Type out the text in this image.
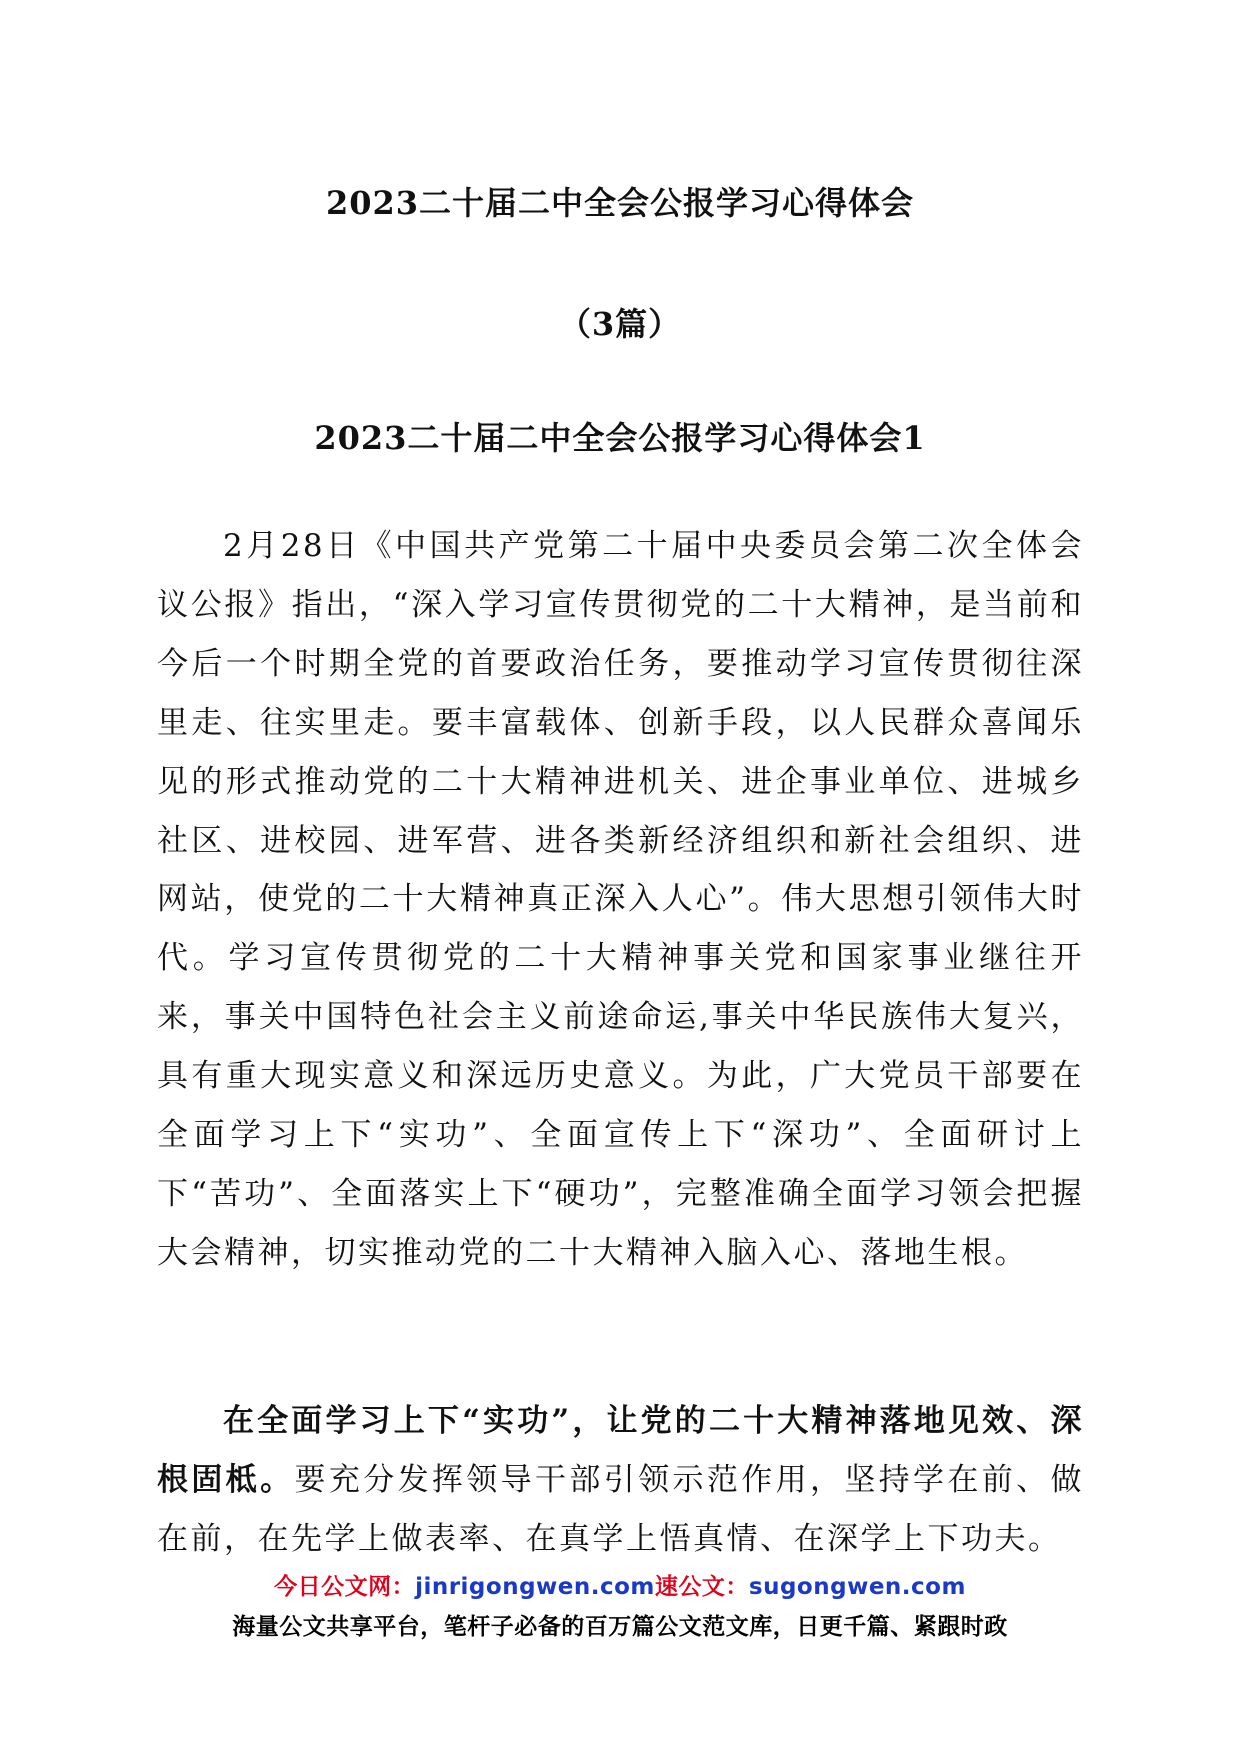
2023二十届二中全会公报学习心得体会
（3篇）
2023二十届二中全会公报学习心得体会1

2月28日《中国共产党第二十届中央委员会第二次全体会议公报》指出，“深入学习宣传贯彻党的二十大精神，是当前和今后一个时期全党的首要政治任务，要推动学习宣传贯彻往深里走、往实里走。要丰富载体、创新手段，以人民群众喜闻乐见的形式推动党的二十大精神进机关、进企事业单位、进城乡社区、进校园、进军营、进各类新经济组织和新社会组织、进网站，使党的二十大精神真正深入人心”。伟大思想引领伟大时代。学习宣传贯彻党的二十大精神事关党和国家事业继往开来，事关中国特色社会主义前途命运,事关中华民族伟大复兴，具有重大现实意义和深远历史意义。为此，广大党员干部要在全面学习上下“实功”、全面宣传上下“深功”、全面研讨上下“苦功”、全面落实上下“硬功”，完整准确全面学习领会把握大会精神，切实推动党的二十大精神入脑入心、落地生根。

在全面学习上下“实功”，让党的二十大精神落地见效、深根固柢。要充分发挥领导干部引领示范作用，坚持学在前、做在前，在先学上做表率、在真学上悟真情、在深学上下功夫。

今日公文网：jinrigongwen.com速公文：sugongwen.com
海量公文共享平台，笔杆子必备的百万篇公文范文库，日更千篇、紧跟时政
